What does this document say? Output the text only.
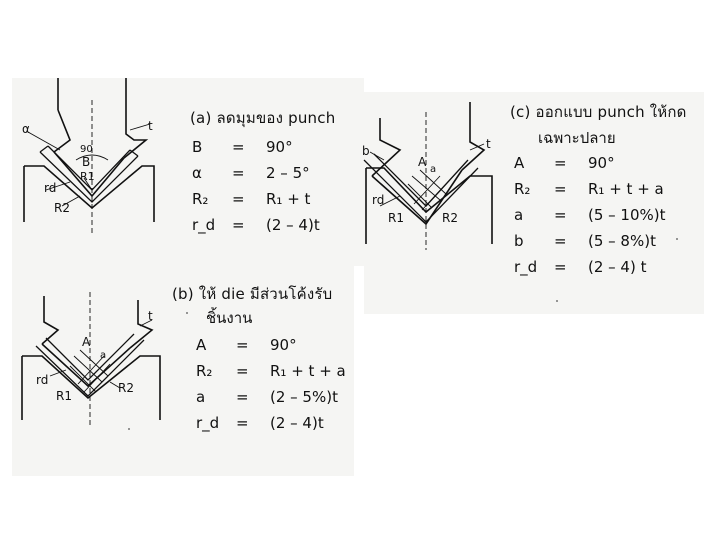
α
90
B
R1
rd
R2
t (a) ลดมุมของ punch
B = 90°
α = 2 – 5°
R₂ = R₁ + t
r_d = (2 – 4)t
b
A
a
rd
R1	R2
t
(c) ออกแบบ punch ให้กด
เฉพาะปลาย
A = 90°
R₂ = R₁ + t + a
a = (5 – 10%)t
b = (5 – 8%)t
r_d = (2 – 4) t
A
a
rd
R1
R2
t
(b) ให้ die มีส่วนโค้งรับ
ชิ้นงาน
A = 90°
R₂ = R₁ + t + a
a = (2 – 5%)t
r_d = (2 – 4)t
